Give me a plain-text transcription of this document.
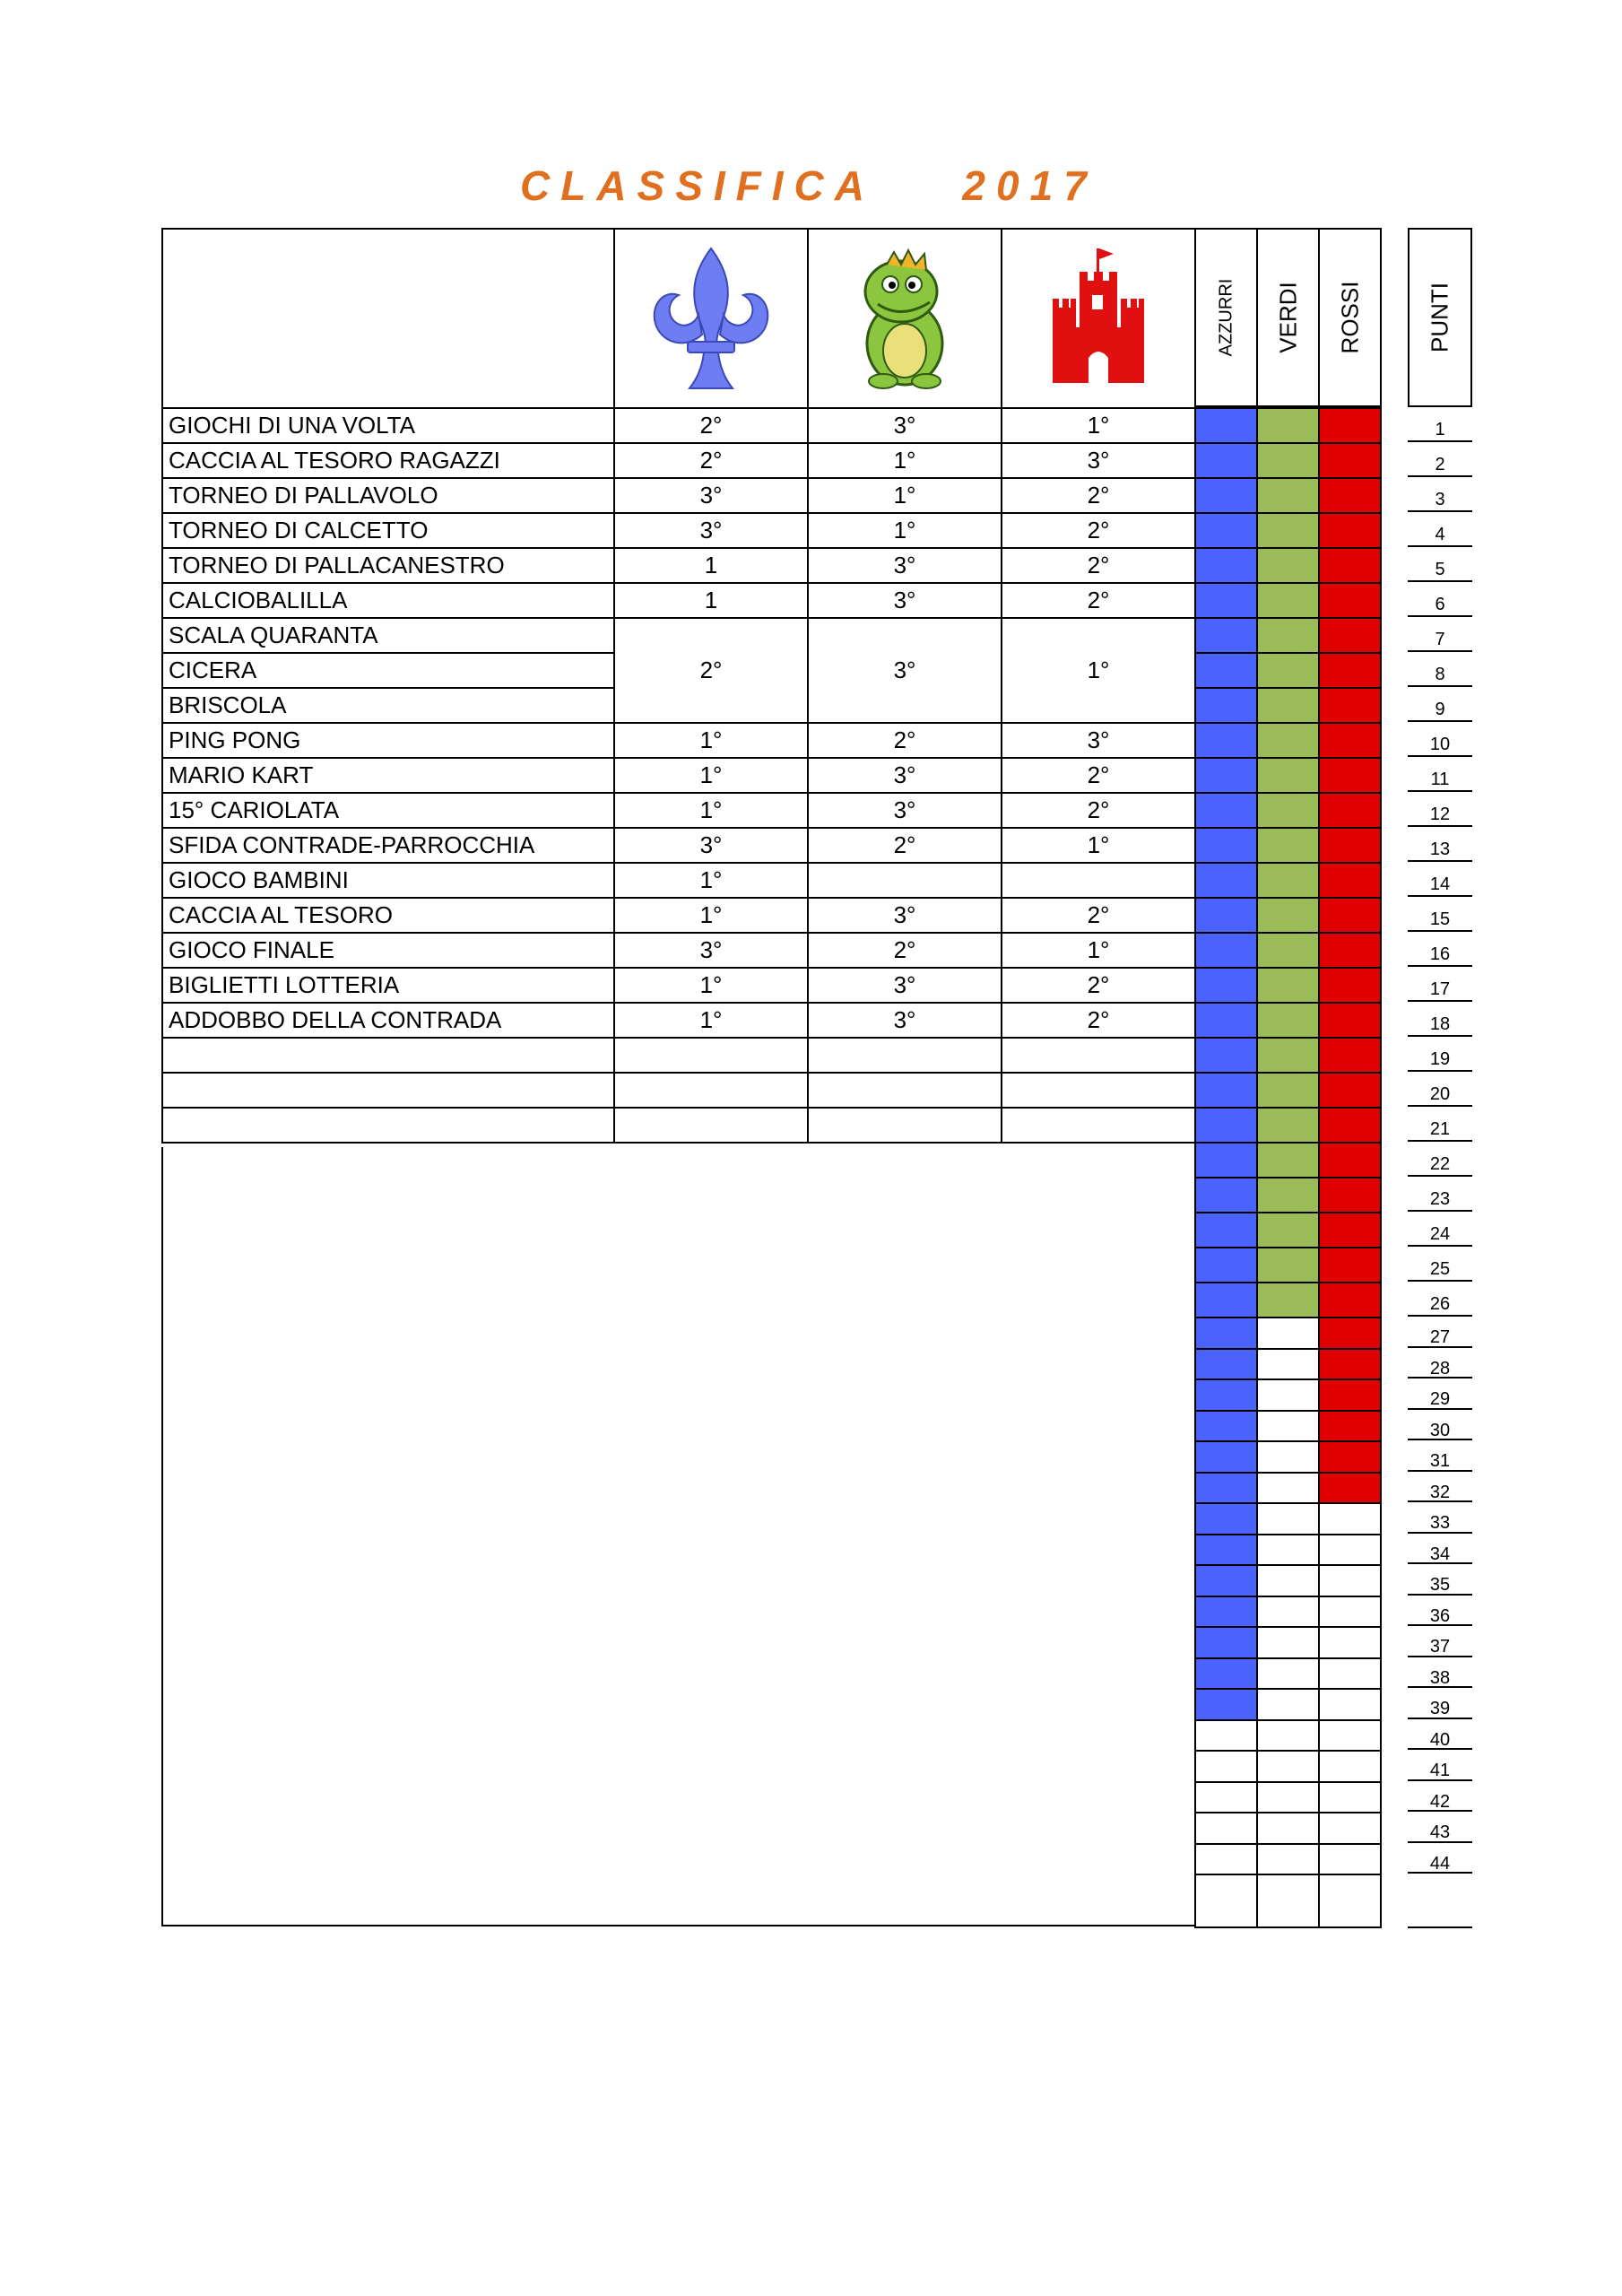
CLASSIFICA    2017

GIOCHI DI UNA VOLTA	2°	3°	1°
CACCIA AL TESORO RAGAZZI	2°	1°	3°
TORNEO DI PALLAVOLO	3°	1°	2°
TORNEO DI CALCETTO	3°	1°	2°
TORNEO DI PALLACANESTRO	1	3°	2°
CALCIOBALILLA	1	3°	2°
SCALA QUARANTA	2°	3°	1°
CICERA			
BRISCOLA			
PING PONG	1°	2°	3°
MARIO KART	1°	3°	2°
15° CARIOLATA	1°	3°	2°
SFIDA CONTRADE-PARROCCHIA	3°	2°	1°
GIOCO BAMBINI	1°		
CACCIA AL TESORO	1°	3°	2°
GIOCO FINALE	3°	2°	1°
BIGLIETTI LOTTERIA	1°	3°	2°
ADDOBBO DELLA CONTRADA	1°	3°	2°

AZZURRI VERDI ROSSI	PUNTI
1
2
3
4
5
6
7
8
9
10
11
12
13
14
15
16
17
18
19
20
21
22
23
24
25
26
27
28
29
30
31
32
33
34
35
36
37
38
39
40
41
42
43
44
